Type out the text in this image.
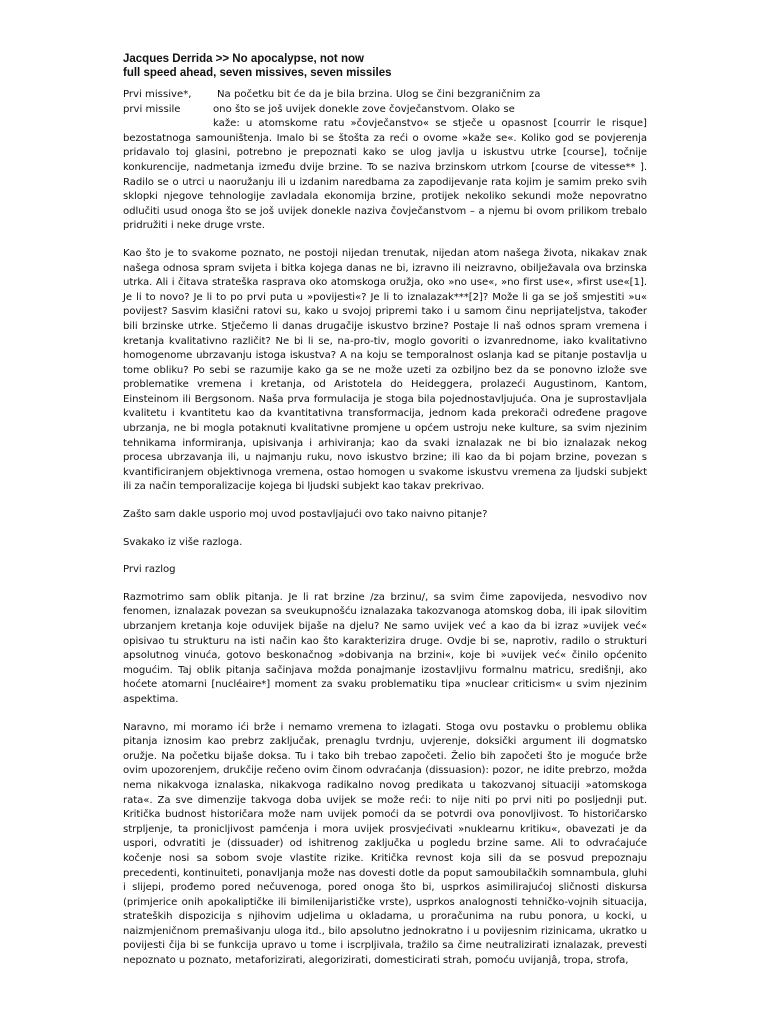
Jacques Derrida >> No apocalypse, not now

full speed ahead, seven missives, seven missiles

Prvi missive*,
prvi missile
Na početku bit će da je bila brzina. Ulog se čini bezgraničnim za
ono što se još uvijek donekle zove čovječanstvom. Olako se
kaže: u atomskome ratu »čovječanstvo« se stječe u opasnost [courrir le risque]

bezostatnoga samouništenja. Imalo bi se štošta za reći o ovome »kaže se«. Koliko god se povjerenja pridavalo toj glasini, potrebno je prepoznati kako se ulog javlja u iskustvu utrke [course], točnije konkurencije, nadmetanja između dvije brzine. To se naziva brzinskom utrkom [course de vitesse** ]. Radilo se o utrci u naoružanju ili u izdanim naredbama za zapodijevanje rata kojim je samim preko svih sklopki njegove tehnologije zavladala ekonomija brzine, protijek nekoliko sekundi može nepovratno odlučiti usud onoga što se još uvijek donekle naziva čovječanstvom – a njemu bi ovom prilikom trebalo pridružiti i neke druge vrste.

Kao što je to svakome poznato, ne postoji nijedan trenutak, nijedan atom našega života, nikakav znak našega odnosa spram svijeta i bitka kojega danas ne bi, izravno ili neizravno, obilježavala ova brzinska utrka. Ali i čitava strateška rasprava oko atomskoga oružja, oko »no use«, »no first use«, »first use«[1]. Je li to novo? Je li to po prvi puta u »povijesti«? Je li to iznalazak***[2]? Može li ga se još smjestiti »u« povijest? Sasvim klasični ratovi su, kako u svojoj pripremi tako i u samom činu neprijateljstva, također bili brzinske utrke. Stječemo li danas drugačije iskustvo brzine? Postaje li naš odnos spram vremena i kretanja kvalitativno različit? Ne bi li se, na-pro-tiv, moglo govoriti o izvanrednome, iako kvalitativno homogenome ubrzavanju istoga iskustva? A na koju se temporalnost oslanja kad se pitanje postavlja u tome obliku? Po sebi se razumije kako ga se ne može uzeti za ozbiljno bez da se ponovno izlože sve problematike vremena i kretanja, od Aristotela do Heideggera, prolazeći Augustinom, Kantom, Einsteinom ili Bergsonom. Naša prva formulacija je stoga bila pojednostavljujuća. Ona je suprostavljala kvalitetu i kvantitetu kao da kvantitativna transformacija, jednom kada prekorači određene pragove ubrzanja, ne bi mogla potaknuti kvalitativne promjene u općem ustroju neke kulture, sa svim njezinim tehnikama informiranja, upisivanja i arhiviranja; kao da svaki iznalazak ne bi bio iznalazak nekog procesa ubrzavanja ili, u najmanju ruku, novo iskustvo brzine; ili kao da bi pojam brzine, povezan s kvantificiranjem objektivnoga vremena, ostao homogen u svakome iskustvu vremena za ljudski subjekt ili za način temporalizacije kojega bi ljudski subjekt kao takav prekrivao.

Zašto sam dakle usporio moj uvod postavljajući ovo tako naivno pitanje?

Svakako iz više razloga.

Prvi razlog

Razmotrimo sam oblik pitanja. Je li rat brzine /za brzinu/, sa svim čime zapovijeda, nesvodivo nov fenomen, iznalazak povezan sa sveukupnošću iznalazaka takozvanoga atomskog doba, ili ipak silovitim ubrzanjem kretanja koje oduvijek bijaše na djelu? Ne samo uvijek već a kao da bi izraz »uvijek već« opisivao tu strukturu na isti način kao što karakterizira druge. Ovdje bi se, naprotiv, radilo o strukturi apsolutnog vinuća, gotovo beskonačnog »dobivanja na brzini«, koje bi »uvijek već« činilo općenito mogućim. Taj oblik pitanja sačinjava možda ponajmanje izostavljivu formalnu matricu, središnji, ako hoćete atomarni [nucléaire*] moment za svaku problematiku tipa »nuclear criticism« u svim njezinim aspektima.

Naravno, mi moramo ići brže i nemamo vremena to izlagati. Stoga ovu postavku o problemu oblika pitanja iznosim kao prebrz zaključak, prenaglu tvrdnju, uvjerenje, doksički argument ili dogmatsko oružje. Na početku bijaše doksa. Tu i tako bih trebao započeti. Želio bih započeti što je moguće brže ovim upozorenjem, drukčije rečeno ovim činom odvraćanja (dissuasion): pozor, ne idite prebrzo, možda nema nikakvoga iznalaska, nikakvoga radikalno novog predikata u takozvanoj situaciji »atomskoga rata«. Za sve dimenzije takvoga doba uvijek se može reći: to nije niti po prvi niti po posljednji put. Kritička budnost historičara može nam uvijek pomoći da se potvrdi ova ponovljivost. To historičarsko strpljenje, ta pronicljivost pamćenja i mora uvijek prosvjećivati »nuklearnu kritiku«, obavezati je da uspori, odvratiti je (dissuader) od ishitrenog zaključka u pogledu brzine same. Ali to odvraćajuće kočenje nosi sa sobom svoje vlastite rizike. Kritička revnost koja sili da se posvud prepoznaju precedenti, kontinuiteti, ponavljanja može nas dovesti dotle da poput samoubilačkih somnambula, gluhi i slijepi, prođemo pored nečuvenoga, pored onoga što bi, usprkos asimilirajućoj sličnosti diskursa (primjerice onih apokaliptičke ili bimilenijarističke vrste), usprkos analognosti tehničko-vojnih situacija, strateških dispozicija s njihovim udjelima u okladama, u proračunima na rubu ponora, u kocki, u naizmjeničnom premašivanju uloga itd., bilo apsolutno jednokratno i u povijesnim rizinicama, ukratko u povijesti čija bi se funkcija upravo u tome i iscrpljivala, tražilo sa čime neutralizirati iznalazak, prevesti nepoznato u poznato, metaforizirati, alegorizirati, domesticirati strah, pomoću uvijanjâ, tropa, strofa,
